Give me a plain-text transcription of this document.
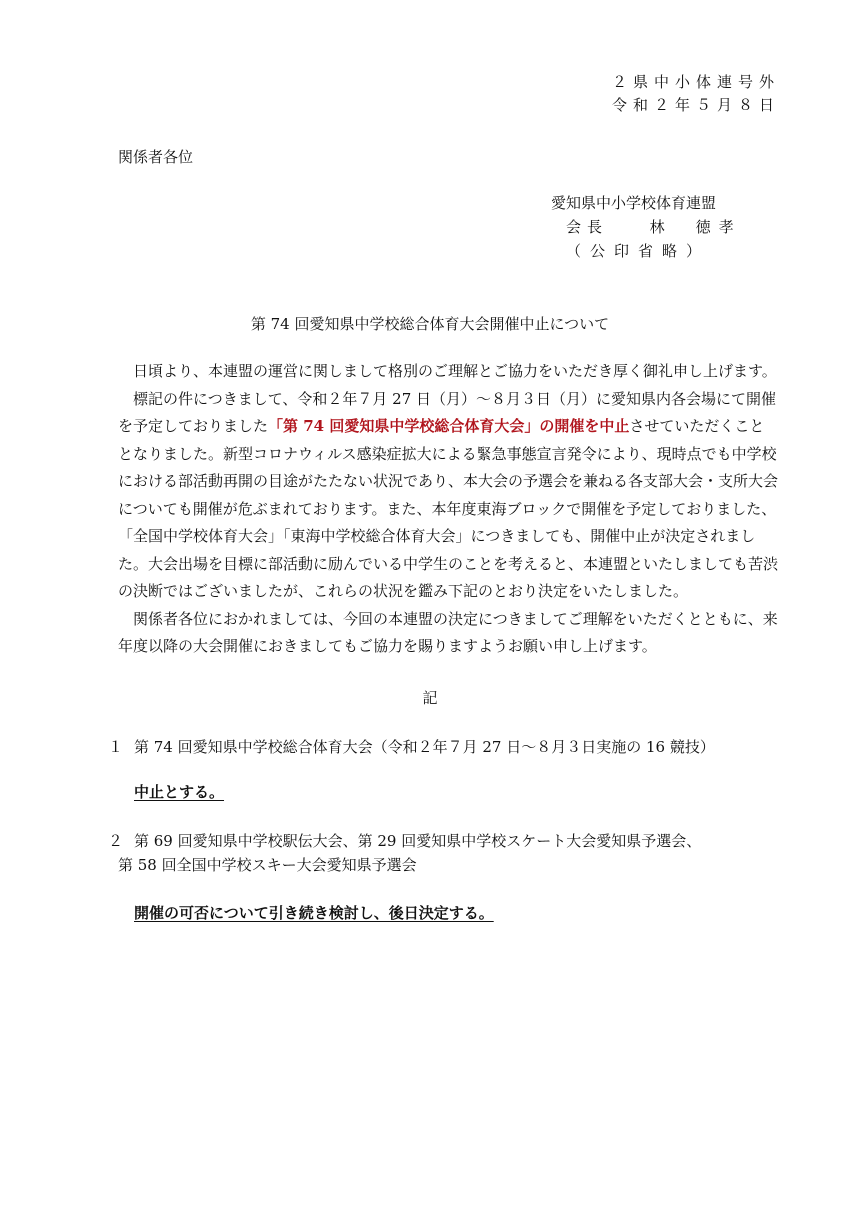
２県中小体連号外
令和２年５月８日
関係者各位
愛知県中小学校体育連盟
会長	林　徳孝
（公印省略）
第 74 回愛知県中学校総合体育大会開催中止について

日頃より、本連盟の運営に関しまして格別のご理解とご協力をいただき厚く御礼申し上げます。

標記の件につきまして、令和２年７月 27 日（月）～８月３日（月）に愛知県内各会場にて開催を予定しておりました「第 74 回愛知県中学校総合体育大会」の開催を中止させていただくこととなりました。新型コロナウィルス感染症拡大による緊急事態宣言発令により、現時点でも中学校における部活動再開の目途がたたない状況であり、本大会の予選会を兼ねる各支部大会・支所大会についても開催が危ぶまれております。また、本年度東海ブロックで開催を予定しておりました、「全国中学校体育大会」「東海中学校総合体育大会」につきましても、開催中止が決定されました。大会出場を目標に部活動に励んでいる中学生のことを考えると、本連盟といたしましても苦渋の決断ではございましたが、これらの状況を鑑み下記のとおり決定をいたしました。

関係者各位におかれましては、今回の本連盟の決定につきましてご理解をいただくとともに、来年度以降の大会開催におきましてもご協力を賜りますようお願い申し上げます。

記
１ 第 74 回愛知県中学校総合体育大会（令和２年７月 27 日～８月３日実施の 16 競技）
中止とする。
２ 第 69 回愛知県中学校駅伝大会、第 29 回愛知県中学校スケート大会愛知県予選会、
第 58 回全国中学校スキー大会愛知県予選会
開催の可否について引き続き検討し、後日決定する。
